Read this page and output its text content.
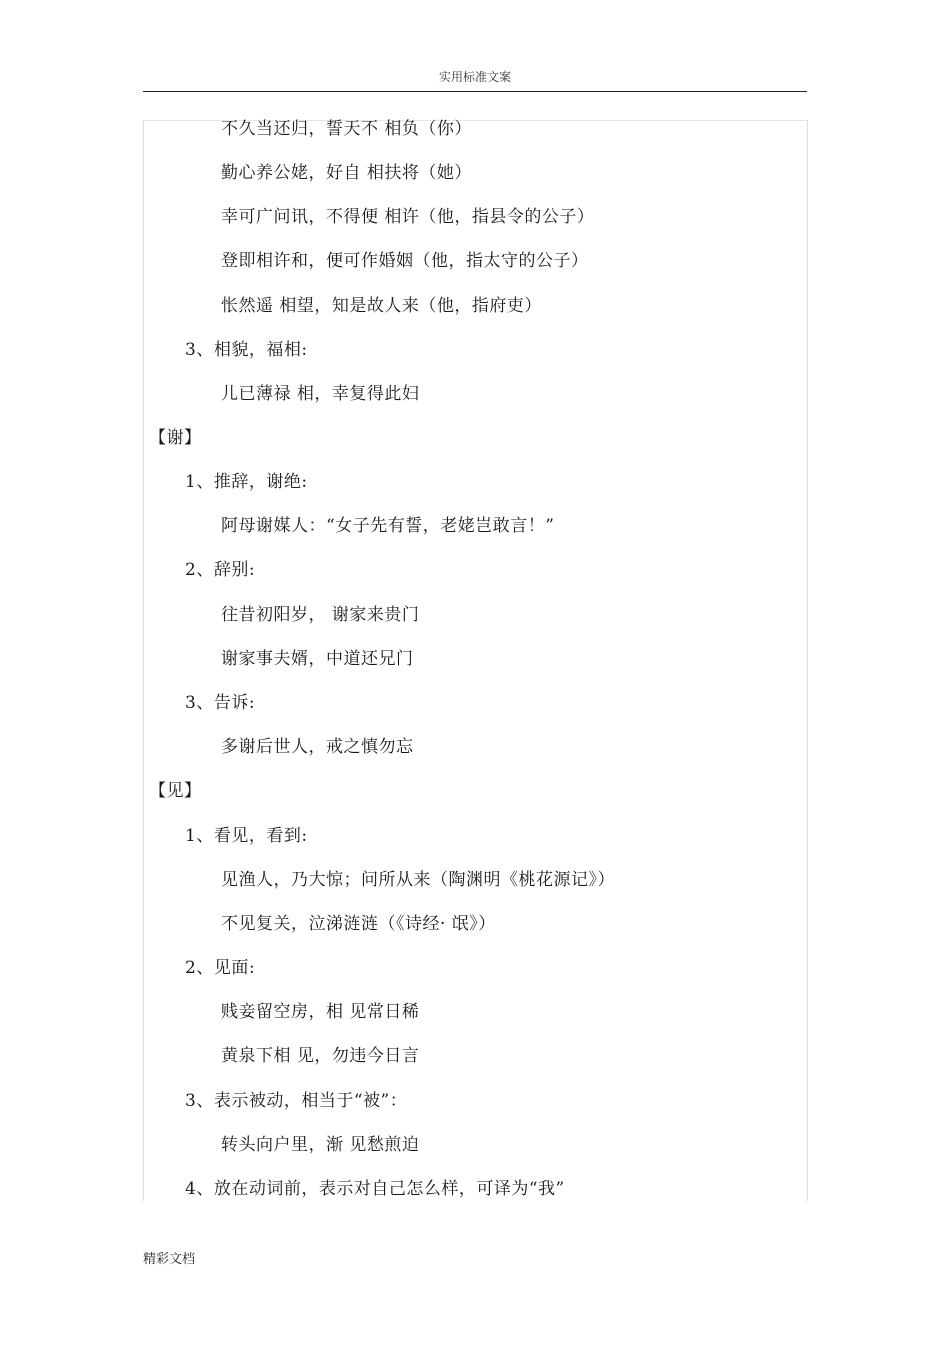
实用标准文案
不久当还归，誓天不 相负（你）
勤心养公姥，好自 相扶将（她）
幸可广问讯，不得便 相许（他，指县令的公子）
登即相许和，便可作婚姻（他，指太守的公子）
怅然遥 相望，知是故人来（他，指府吏）
3、相貌，福相:
儿已薄禄 相，幸复得此妇
【谢】
1、推辞，谢绝:
阿母谢媒人：“女子先有誓，老姥岂敢言！”
2、辞别:
往昔初阳岁， 谢家来贵门
谢家事夫婿，中道还兄门
3、告诉:
多谢后世人，戒之慎勿忘
【见】
1、看见，看到:
见渔人，乃大惊；问所从来（陶渊明《桃花源记》）
不见复关，泣涕涟涟（《诗经· 氓》）
2、见面:
贱妾留空房，相 见常日稀
黄泉下相 见，勿违今日言
3、表示被动，相当于“被”：
转头向户里，渐 见愁煎迫
4、放在动词前，表示对自己怎么样，可译为“我”
精彩文档
